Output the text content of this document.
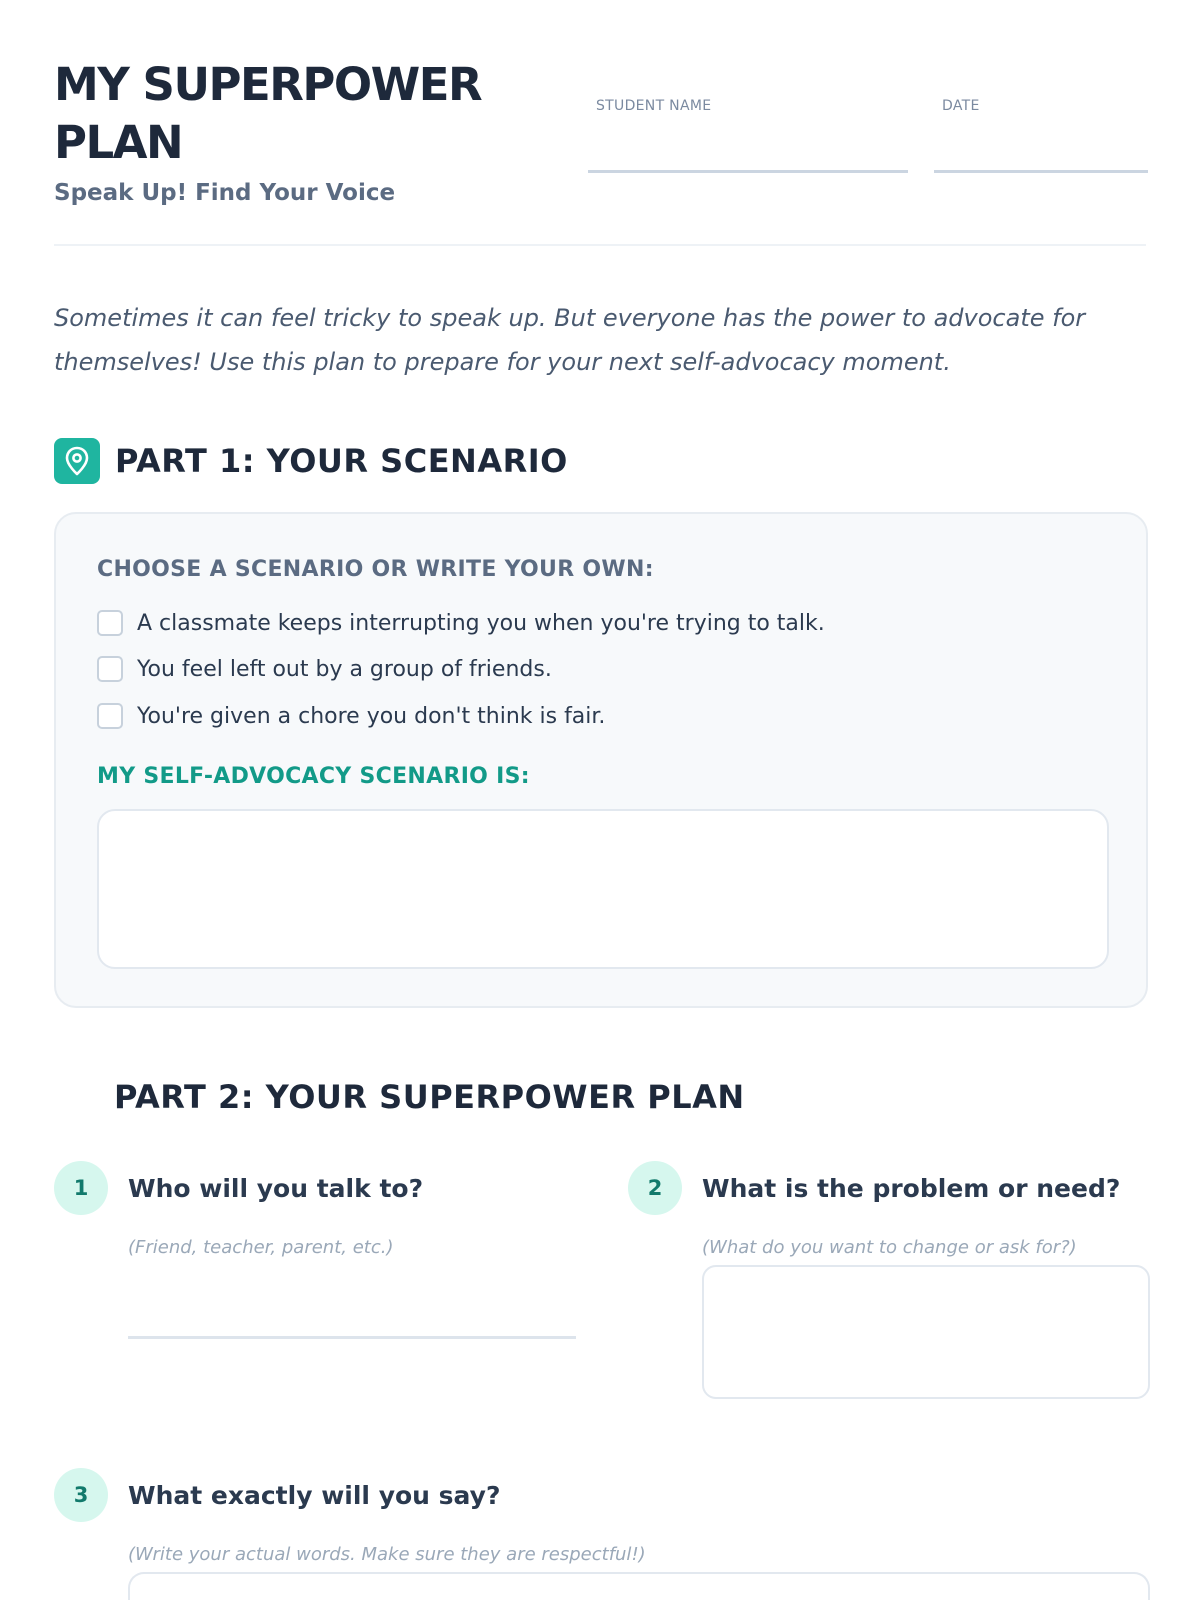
MY SUPERPOWER PLAN
Speak Up! Find Your Voice
STUDENT NAME	DATE

Sometimes it can feel tricky to speak up. But everyone has the power to advocate for themselves! Use this plan to prepare for your next self-advocacy moment.

PART 1: YOUR SCENARIO
CHOOSE A SCENARIO OR WRITE YOUR OWN:
A classmate keeps interrupting you when you're trying to talk.
You feel left out by a group of friends.
You're given a chore you don't think is fair.
MY SELF-ADVOCACY SCENARIO IS:
PART 2: YOUR SUPERPOWER PLAN
1	Who will you talk to?
(Friend, teacher, parent, etc.)
2	What is the problem or need?
(What do you want to change or ask for?)
3	What exactly will you say?
(Write your actual words. Make sure they are respectful!)
